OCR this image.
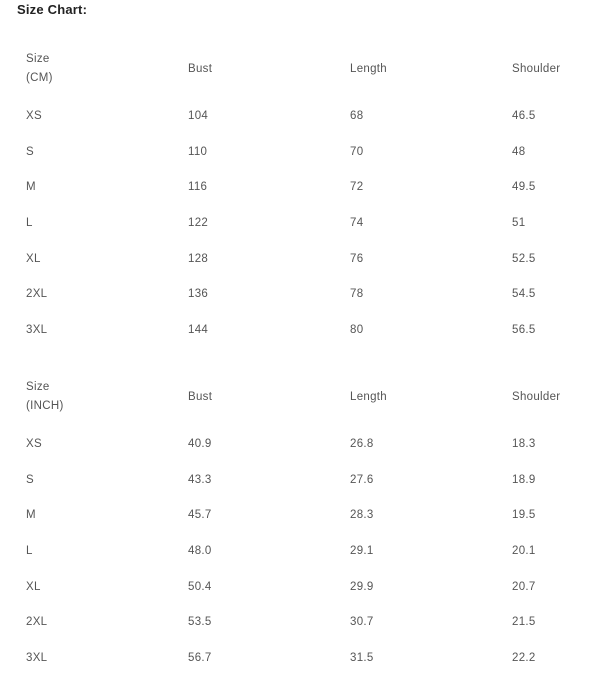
Size Chart:
Size
(CM)	Bust	Length	Shoulder
XS	104	68	46.5
S	110	70	48
M	116	72	49.5
L	122	74	51
XL	128	76	52.5
2XL	136	78	54.5
3XL	144	80	56.5
Size
(INCH)	Bust	Length	Shoulder
XS	40.9	26.8	18.3
S	43.3	27.6	18.9
M	45.7	28.3	19.5
L	48.0	29.1	20.1
XL	50.4	29.9	20.7
2XL	53.5	30.7	21.5
3XL	56.7	31.5	22.2
